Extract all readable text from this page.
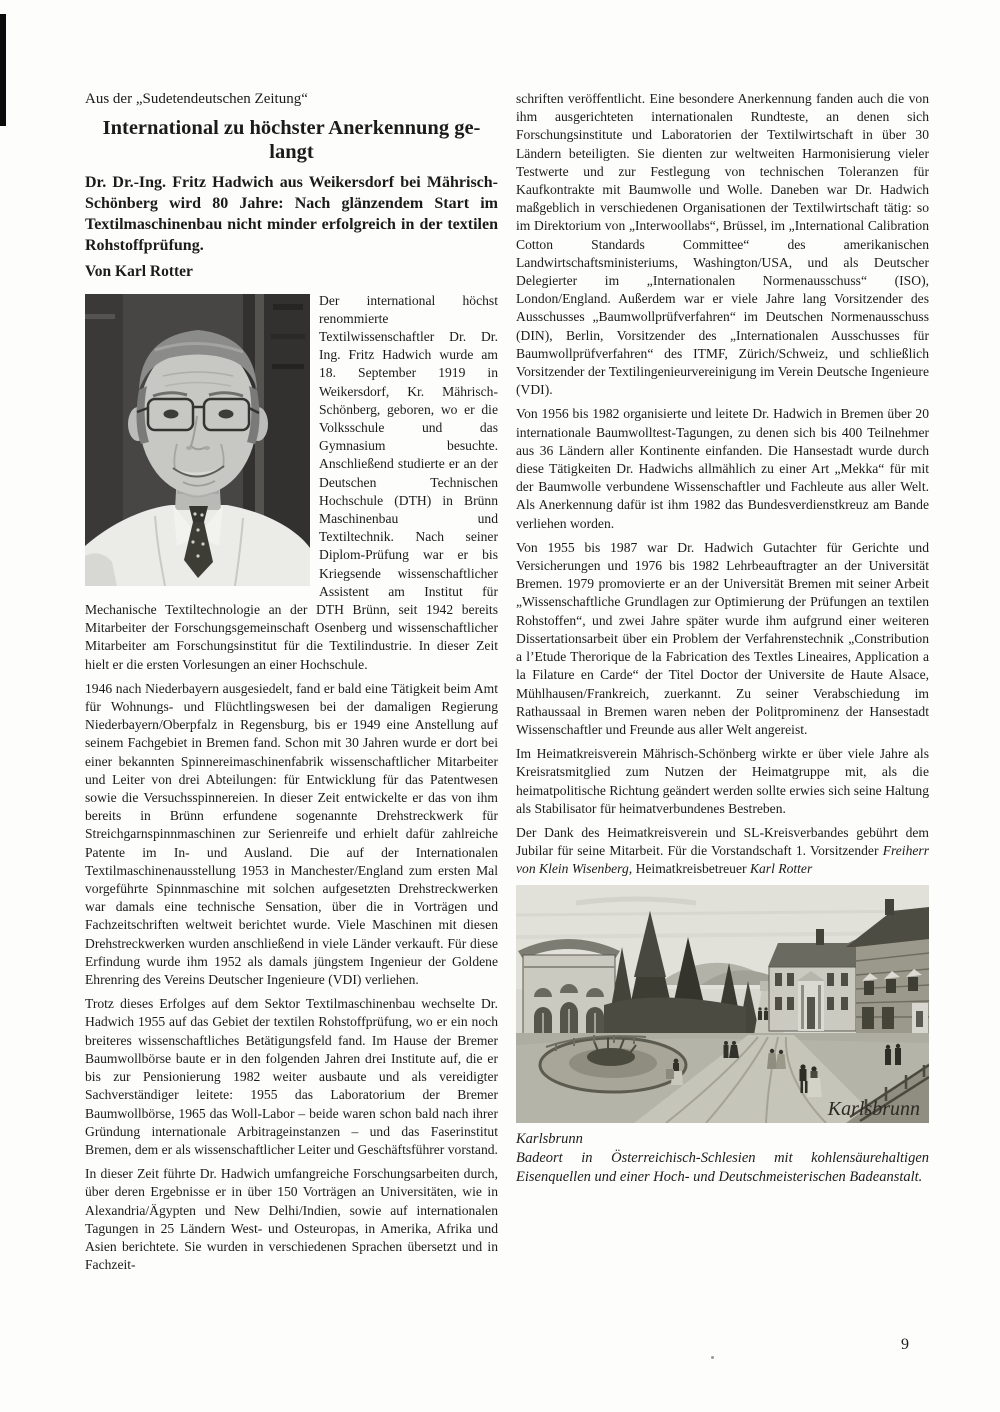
Aus der „Sudetendeutschen Zeitung“

International zu höchster Anerkennung ge-
langt

Dr. Dr.-Ing. Fritz Hadwich aus Weikersdorf bei Mährisch-Schönberg wird 80 Jahre: Nach glänzendem Start im Textilmaschinenbau nicht minder erfolgreich in der textilen Rohstoffprüfung.

Von Karl Rotter

Der international höchst renommierte Textilwissenschaftler Dr. Dr. Ing. Fritz Hadwich wurde am 18. September 1919 in Weikersdorf, Kr. Mährisch-Schönberg, geboren, wo er die Volksschule und das Gymnasium besuchte. Anschließend studierte er an der Deutschen Technischen Hochschule (DTH) in Brünn Maschinenbau und Textiltechnik. Nach seiner Diplom-Prüfung war er bis Kriegsende wissenschaftlicher Assistent am Institut für Mechanische Textiltechnologie an der DTH Brünn, seit 1942 bereits Mitarbeiter der Forschungsgemeinschaft Osenberg und wissenschaftlicher Mitarbeiter am Forschungsinstitut für die Textilindustrie. In dieser Zeit hielt er die ersten Vorlesungen an einer Hochschule.

1946 nach Niederbayern ausgesiedelt, fand er bald eine Tätigkeit beim Amt für Wohnungs- und Flüchtlingswesen bei der damaligen Regierung Niederbayern/Oberpfalz in Regensburg, bis er 1949 eine Anstellung auf seinem Fachgebiet in Bremen fand. Schon mit 30 Jahren wurde er dort bei einer bekannten Spinnereimaschinenfabrik wissenschaftlicher Mitarbeiter und Leiter von drei Abteilungen: für Entwicklung für das Patentwesen sowie die Versuchsspinnereien. In dieser Zeit entwickelte er das von ihm bereits in Brünn erfundene sogenannte Drehstreckwerk für Streichgarnspinnmaschinen zur Serienreife und erhielt dafür zahlreiche Patente im In- und Ausland. Die auf der Internationalen Textilmaschinenausstellung 1953 in Manchester/England zum ersten Mal vorgeführte Spinnmaschine mit solchen aufgesetzten Drehstreckwerken war damals eine technische Sensation, über die in Vorträgen und Fachzeitschriften weltweit berichtet wurde. Viele Maschinen mit diesen Drehstreckwerken wurden anschließend in viele Länder verkauft. Für diese Erfindung wurde ihm 1952 als damals jüngstem Ingenieur der Goldene Ehrenring des Vereins Deutscher Ingenieure (VDI) verliehen.

Trotz dieses Erfolges auf dem Sektor Textilmaschinenbau wechselte Dr. Hadwich 1955 auf das Gebiet der textilen Rohstoffprüfung, wo er ein noch breiteres wissenschaftliches Betätigungsfeld fand. Im Hause der Bremer Baumwollbörse baute er in den folgenden Jahren drei Institute auf, die er bis zur Pensionierung 1982 weiter ausbaute und als vereidigter Sachverständiger leitete: 1955 das Laboratorium der Bremer Baumwollbörse, 1965 das Woll-Labor – beide waren schon bald nach ihrer Gründung internationale Arbitrageinstanzen – und das Faserinstitut Bremen, dem er als wissenschaftlicher Leiter und Geschäftsführer vorstand.

In dieser Zeit führte Dr. Hadwich umfangreiche Forschungsarbeiten durch, über deren Ergebnisse er in über 150 Vorträgen an Universitäten, wie in Alexandria/Ägypten und New Delhi/Indien, sowie auf internationalen Tagungen in 25 Ländern West- und Osteuropas, in Amerika, Afrika und Asien berichtete. Sie wurden in verschiedenen Sprachen übersetzt und in Fachzeit-

schriften veröffentlicht. Eine besondere Anerkennung fanden auch die von ihm ausgerichteten internationalen Rundteste, an denen sich Forschungsinstitute und Laboratorien der Textilwirtschaft in über 30 Ländern beteiligten. Sie dienten zur weltweiten Harmonisierung vieler Testwerte und zur Festlegung von technischen Toleranzen für Kaufkontrakte mit Baumwolle und Wolle. Daneben war Dr. Hadwich maßgeblich in verschiedenen Organisationen der Textilwirtschaft tätig: so im Direktorium von „Interwoollabs“, Brüssel, im „International Calibration Cotton Standards Committee“ des amerikanischen Landwirtschaftsministeriums, Washington/USA, und als Deutscher Delegierter im „Internationalen Normenausschuss“ (ISO), London/England. Außerdem war er viele Jahre lang Vorsitzender des Ausschusses „Baumwollprüfverfahren“ im Deutschen Normenausschuss (DIN), Berlin, Vorsitzender des „Internationalen Ausschusses für Baumwollprüfverfahren“ des ITMF, Zürich/Schweiz, und schließlich Vorsitzender der Textilingenieurvereinigung im Verein Deutsche Ingenieure (VDI).

Von 1956 bis 1982 organisierte und leitete Dr. Hadwich in Bremen über 20 internationale Baumwolltest-Tagungen, zu denen sich bis 400 Teilnehmer aus 36 Ländern aller Kontinente einfanden. Die Hansestadt wurde durch diese Tätigkeiten Dr. Hadwichs allmählich zu einer Art „Mekka“ für mit der Baumwolle verbundene Wissenschaftler und Fachleute aus aller Welt. Als Anerkennung dafür ist ihm 1982 das Bundesverdienstkreuz am Bande verliehen worden.

Von 1955 bis 1987 war Dr. Hadwich Gutachter für Gerichte und Versicherungen und 1976 bis 1982 Lehrbeauftragter an der Universität Bremen. 1979 promovierte er an der Universität Bremen mit seiner Arbeit „Wissenschaftliche Grundlagen zur Optimierung der Prüfungen an textilen Rohstoffen“, und zwei Jahre später wurde ihm aufgrund einer weiteren Dissertationsarbeit über ein Problem der Verfahrenstechnik „Constribution a l’Etude Therorique de la Fabrication des Textles Lineaires, Application a la Filature en Carde“ der Titel Doctor der Universite de Haute Alsace, Mühlhausen/Frankreich, zuerkannt. Zu seiner Verabschiedung im Rathaussaal in Bremen waren neben der Politprominenz der Hansestadt Wissenschaftler und Freunde aus aller Welt angereist.

Im Heimatkreisverein Mährisch-Schönberg wirkte er über viele Jahre als Kreisratsmitglied zum Nutzen der Heimatgruppe mit, als die heimatpolitische Richtung geändert werden sollte erwies sich seine Haltung als Stabilisator für heimatverbundenes Bestreben.

Der Dank des Heimatkreisverein und SL-Kreisverbandes gebührt dem Jubilar für seine Mitarbeit. Für die Vorstandschaft 1. Vorsitzender Freiherr von Klein Wisenberg, Heimatkreisbetreuer Karl Rotter

Karlsbrunn

Karlsbrunn

Badeort in Österreichisch-Schlesien mit kohlensäurehaltigen Eisenquellen und einer Hoch- und Deutschmeisterischen Badeanstalt.

9
